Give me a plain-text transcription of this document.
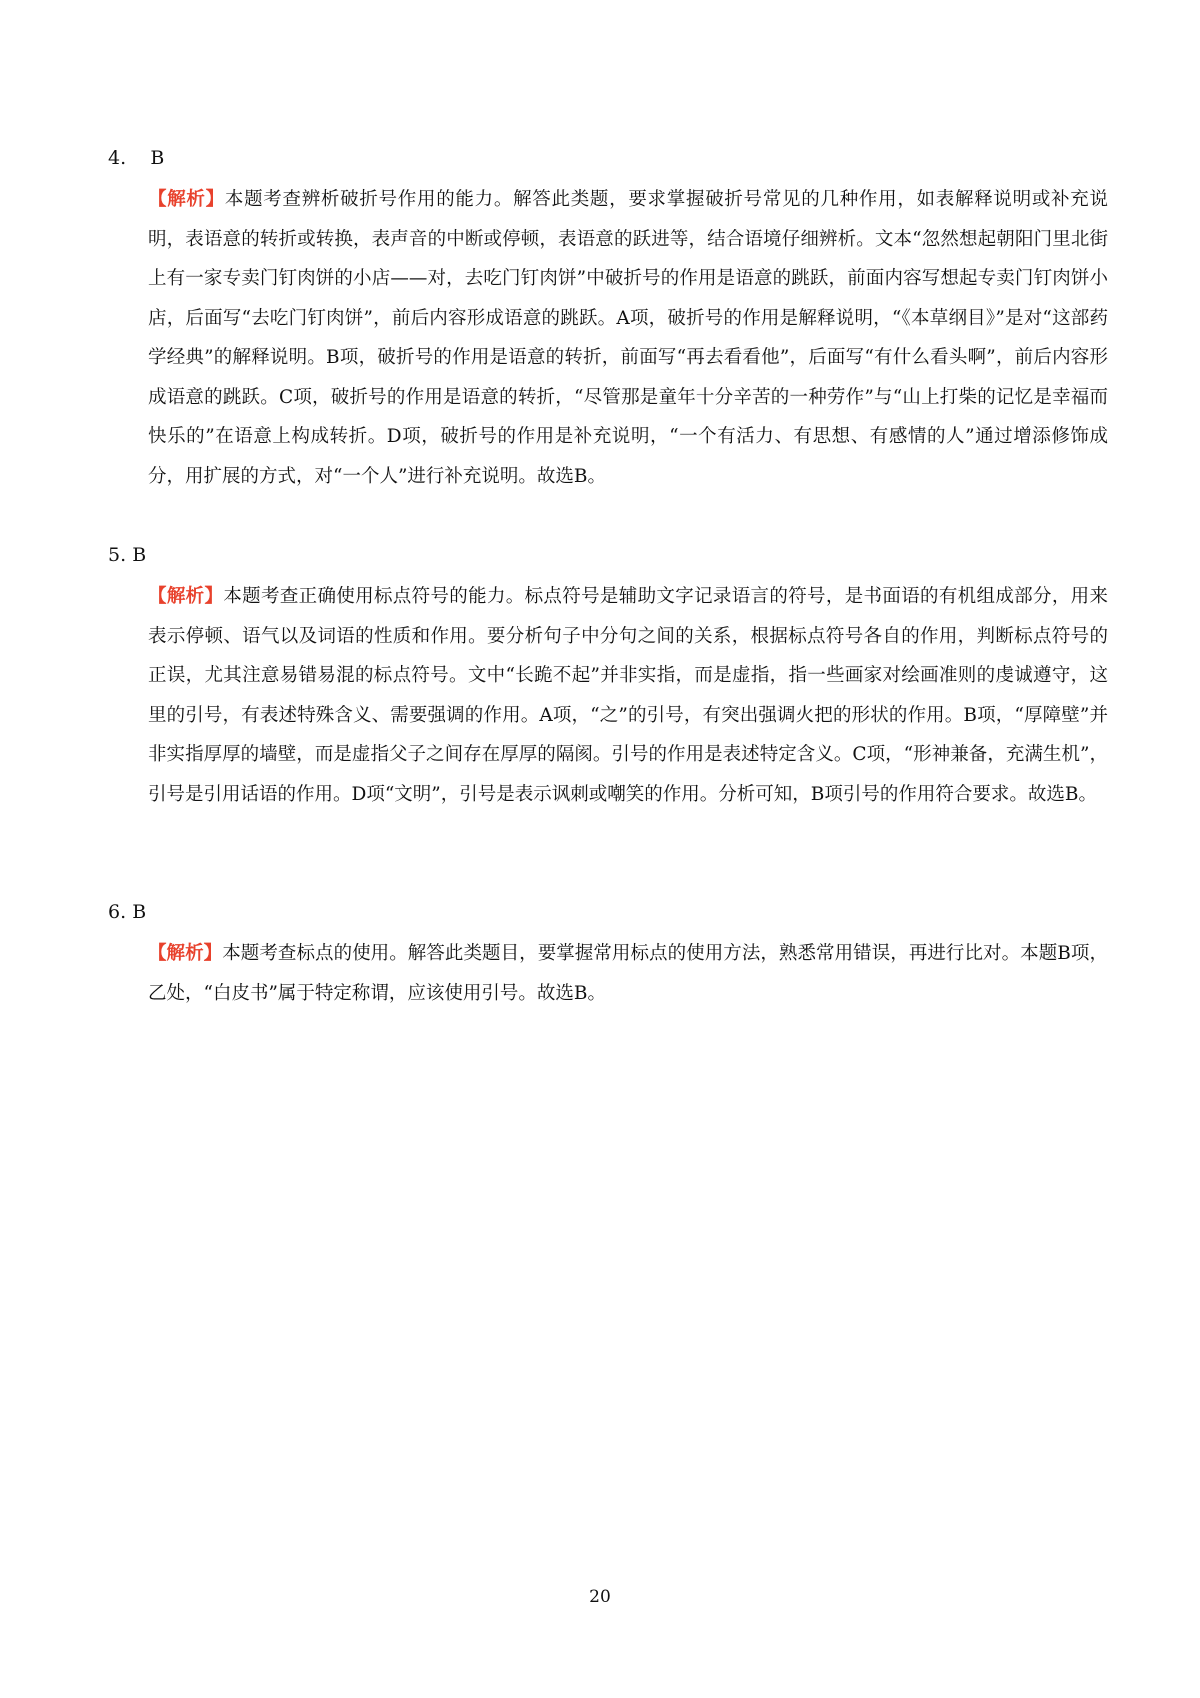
4. B

【解析】本题考查辨析破折号作用的能力。解答此类题，要求掌握破折号常见的几种作用，如表解释说明或补充说明，表语意的转折或转换，表声音的中断或停顿，表语意的跃进等，结合语境仔细辨析。文本“忽然想起朝阳门里北街上有一家专卖门钉肉饼的小店——对，去吃门钉肉饼”中破折号的作用是语意的跳跃，前面内容写想起专卖门钉肉饼小店，后面写“去吃门钉肉饼”，前后内容形成语意的跳跃。A项，破折号的作用是解释说明，“《本草纲目》”是对“这部药学经典”的解释说明。B项，破折号的作用是语意的转折，前面写“再去看看他”，后面写“有什么看头啊”，前后内容形成语意的跳跃。C项，破折号的作用是语意的转折，“尽管那是童年十分辛苦的一种劳作”与“山上打柴的记忆是幸福而快乐的”在语意上构成转折。D项，破折号的作用是补充说明，“一个有活力、有思想、有感情的人”通过增添修饰成分，用扩展的方式，对“一个人”进行补充说明。故选B。

5. B

【解析】本题考查正确使用标点符号的能力。标点符号是辅助文字记录语言的符号，是书面语的有机组成部分，用来表示停顿、语气以及词语的性质和作用。要分析句子中分句之间的关系，根据标点符号各自的作用，判断标点符号的正误，尤其注意易错易混的标点符号。文中“长跪不起”并非实指，而是虚指，指一些画家对绘画准则的虔诚遵守，这里的引号，有表述特殊含义、需要强调的作用。A项，“之”的引号，有突出强调火把的形状的作用。B项，“厚障壁”并非实指厚厚的墙壁，而是虚指父子之间存在厚厚的隔阂。引号的作用是表述特定含义。C项，“形神兼备，充满生机”，引号是引用话语的作用。D项“文明”，引号是表示讽刺或嘲笑的作用。分析可知，B项引号的作用符合要求。故选B。

6. B

【解析】本题考查标点的使用。解答此类题目，要掌握常用标点的使用方法，熟悉常用错误，再进行比对。本题B项，乙处，“白皮书”属于特定称谓，应该使用引号。故选B。
20
